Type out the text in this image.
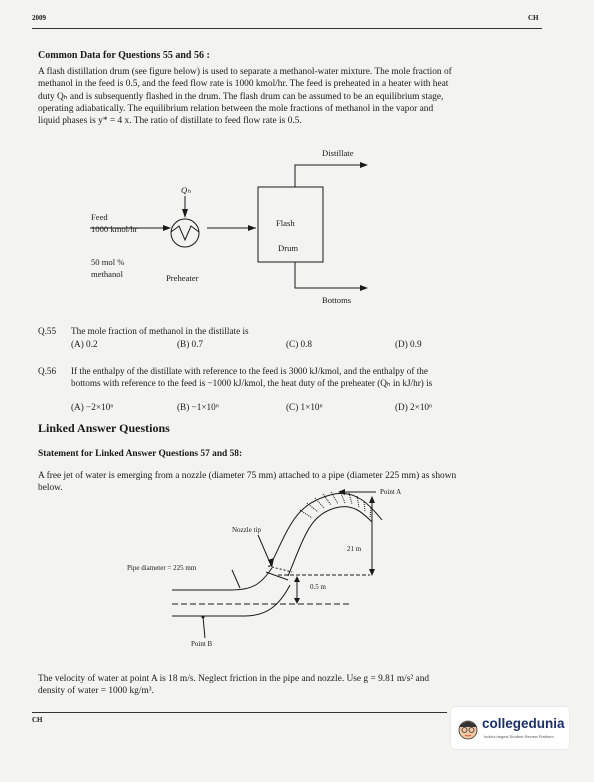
2009	CH
Common Data for Questions 55 and 56 :
A flash distillation drum (see figure below) is used to separate a methanol-water mixture. The mole fraction of
methanol in the feed is 0.5, and the feed flow rate is 1000 kmol/hr. The feed is preheated in a heater with heat
duty Qₕ and is subsequently flashed in the drum. The flash drum can be assumed to be an equilibrium stage,
operating adiabatically. The equilibrium relation between the mole fractions of methanol in the vapor and
liquid phases is y* = 4 x. The ratio of distillate to feed flow rate is 0.5.
Distillate
Qₕ
Feed
1000 kmol/hr
Flash
Drum
50 mol %
methanol	Preheater
Bottoms
Q.55 The mole fraction of methanol in the distillate is
(A) 0.2	(B) 0.7	(C) 0.8	(D) 0.9
Q.56 If the enthalpy of the distillate with reference to the feed is 3000 kJ/kmol, and the enthalpy of the
bottoms with reference to the feed is −1000 kJ/kmol, the heat duty of the preheater (Qₕ in kJ/hr) is
(A) −2×10⁶	(B) −1×10⁶	(C) 1×10⁶	(D) 2×10⁶
Linked Answer Questions
Statement for Linked Answer Questions 57 and 58:
A free jet of water is emerging from a nozzle (diameter 75 mm) attached to a pipe (diameter 225 mm) as shown
below.	Point A
Nozzle tip
21 m
Pipe diameter = 225 mm
0.5 m
Point B
The velocity of water at point A is 18 m/s. Neglect friction in the pipe and nozzle. Use g = 9.81 m/s² and
density of water = 1000 kg/m³.
CH	collegedunia
India's largest Student Review Platform
